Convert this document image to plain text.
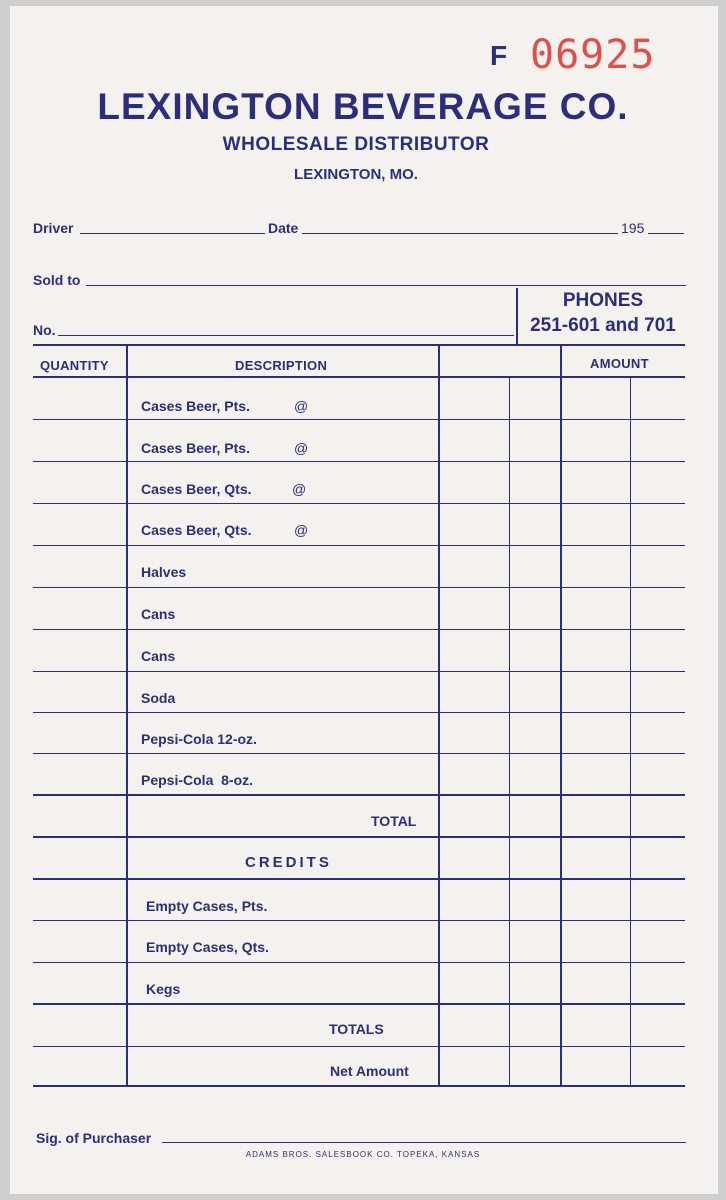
F 06925
LEXINGTON BEVERAGE CO.
WHOLESALE DISTRIBUTOR
LEXINGTON, MO.
Driver	Date	195
Sold to
No.
PHONES
251-601 and 701
QUANTITY	DESCRIPTION	AMOUNT
Cases Beer, Pts.	@
Cases Beer, Pts.	@
Cases Beer, Qts.	@
Cases Beer, Qts.	@
Halves
Cans
Cans
Soda
Pepsi-Cola 12-oz.
Pepsi-Cola  8-oz.
TOTAL
CREDITS
Empty Cases, Pts.
Empty Cases, Qts.
Kegs
TOTALS
Net Amount
Sig. of Purchaser
ADAMS BROS. SALESBOOK CO. TOPEKA, KANSAS
